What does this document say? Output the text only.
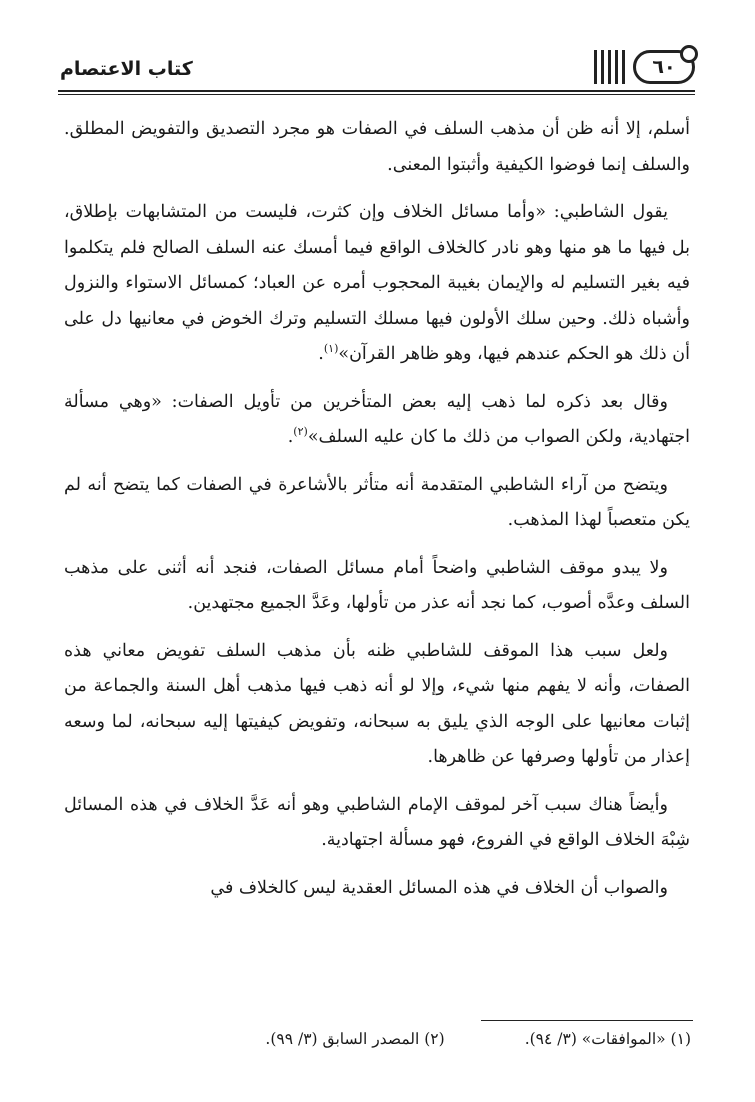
كتاب الاعتصام	٦٠

أسلم، إلا أنه ظن أن مذهب السلف في الصفات هو مجرد التصديق والتفويض المطلق. والسلف إنما فوضوا الكيفية وأثبتوا المعنى.

يقول الشاطبي: «وأما مسائل الخلاف وإن كثرت، فليست من المتشابهات بإطلاق، بل فيها ما هو منها وهو نادر كالخلاف الواقع فيما أمسك عنه السلف الصالح فلم يتكلموا فيه بغير التسليم له والإيمان بغيبة المحجوب أمره عن العباد؛ كمسائل الاستواء والنزول وأشباه ذلك. وحين سلك الأولون فيها مسلك التسليم وترك الخوض في معانيها دل على أن ذلك هو الحكم عندهم فيها، وهو ظاهر القرآن»$^{(١)}$.

وقال بعد ذكره لما ذهب إليه بعض المتأخرين من تأويل الصفات: «وهي مسألة اجتهادية، ولكن الصواب من ذلك ما كان عليه السلف»$^{(٢)}$.

ويتضح من آراء الشاطبي المتقدمة أنه متأثر بالأشاعرة في الصفات كما يتضح أنه لم يكن متعصباً لهذا المذهب.

ولا يبدو موقف الشاطبي واضحاً أمام مسائل الصفات، فنجد أنه أثنى على مذهب السلف وعدَّه أصوب، كما نجد أنه عذر من تأولها، وعَدَّ الجميع مجتهدين.

ولعل سبب هذا الموقف للشاطبي ظنه بأن مذهب السلف تفويض معاني هذه الصفات، وأنه لا يفهم منها شيء، وإلا لو أنه ذهب فيها مذهب أهل السنة والجماعة من إثبات معانيها على الوجه الذي يليق به سبحانه، وتفويض كيفيتها إليه سبحانه، لما وسعه إعذار من تأولها وصرفها عن ظاهرها.

وأيضاً هناك سبب آخر لموقف الإمام الشاطبي وهو أنه عَدَّ الخلاف في هذه المسائل شِبْهَ الخلاف الواقع في الفروع، فهو مسألة اجتهادية.

والصواب أن الخلاف في هذه المسائل العقدية ليس كالخلاف في

(١) «الموافقات» (٣/ ٩٤).
(٢) المصدر السابق (٣/ ٩٩).
